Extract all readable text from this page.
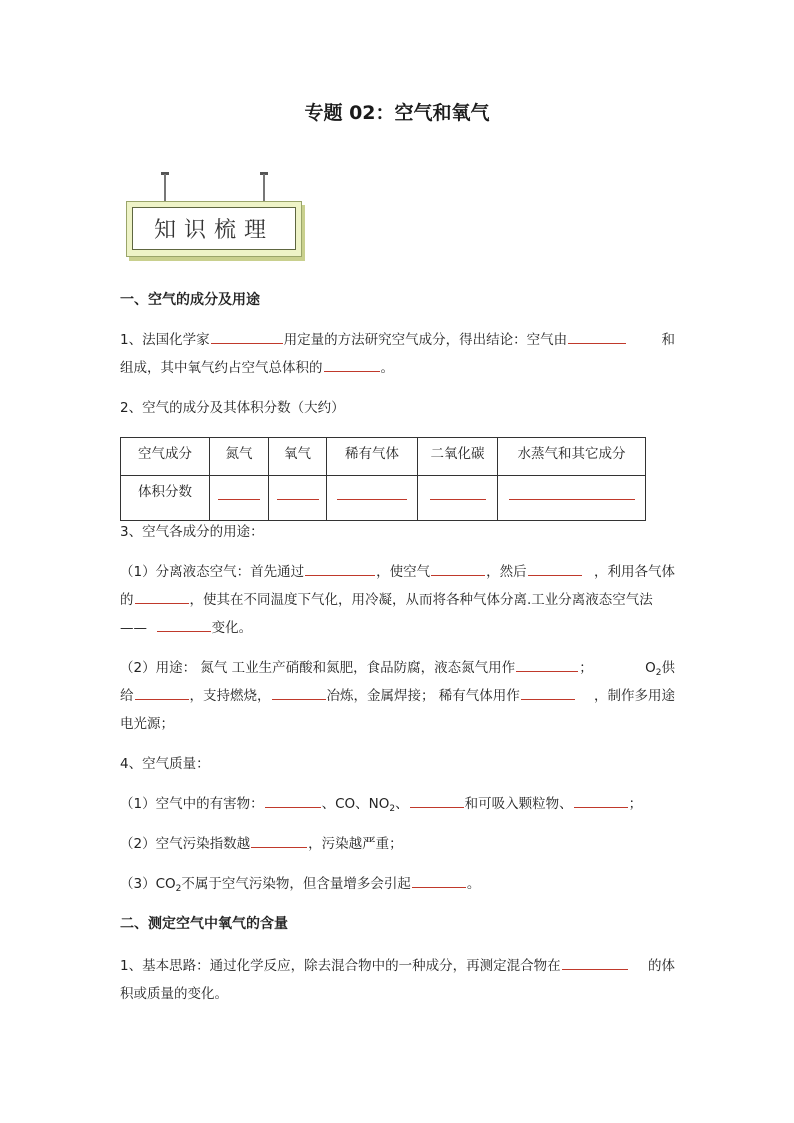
专题 02：空气和氧气
知识梳理
一、空气的成分及用途
1、法国化学家	用定量的方法研究空气成分，得出结论：空气由	和
组成，其中氧气约占空气总体积的	。
2、空气的成分及其体积分数（大约）
空气成分	氮气	氧气	稀有气体	二氧化碳	水蒸气和其它成分
体积分数					
3、空气各成分的用途：
（1）分离液态空气：首先通过	，使空气	，然后	，利用各气体
的	，使其在不同温度下气化，用冷凝，从而将各种气体分离.工业分离液态空气法
——	变化。
（2）用途： 氮气 工业生产硝酸和氮肥，食品防腐，液态氮气用作	；	$O_2$供
给	，支持燃烧，	冶炼，金属焊接； 稀有气体用作	，制作多用途
电光源；
4、空气质量：
（1）空气中的有害物：	、CO、$NO_2$、	和可吸入颗粒物、	；
（2）空气污染指数越	，污染越严重；
$(3)CO_2$不属于空气污染物，但含量增多会引起	。
二、测定空气中氧气的含量
1、基本思路：通过化学反应，除去混合物中的一种成分，再测定混合物在	的体
积或质量的变化。
